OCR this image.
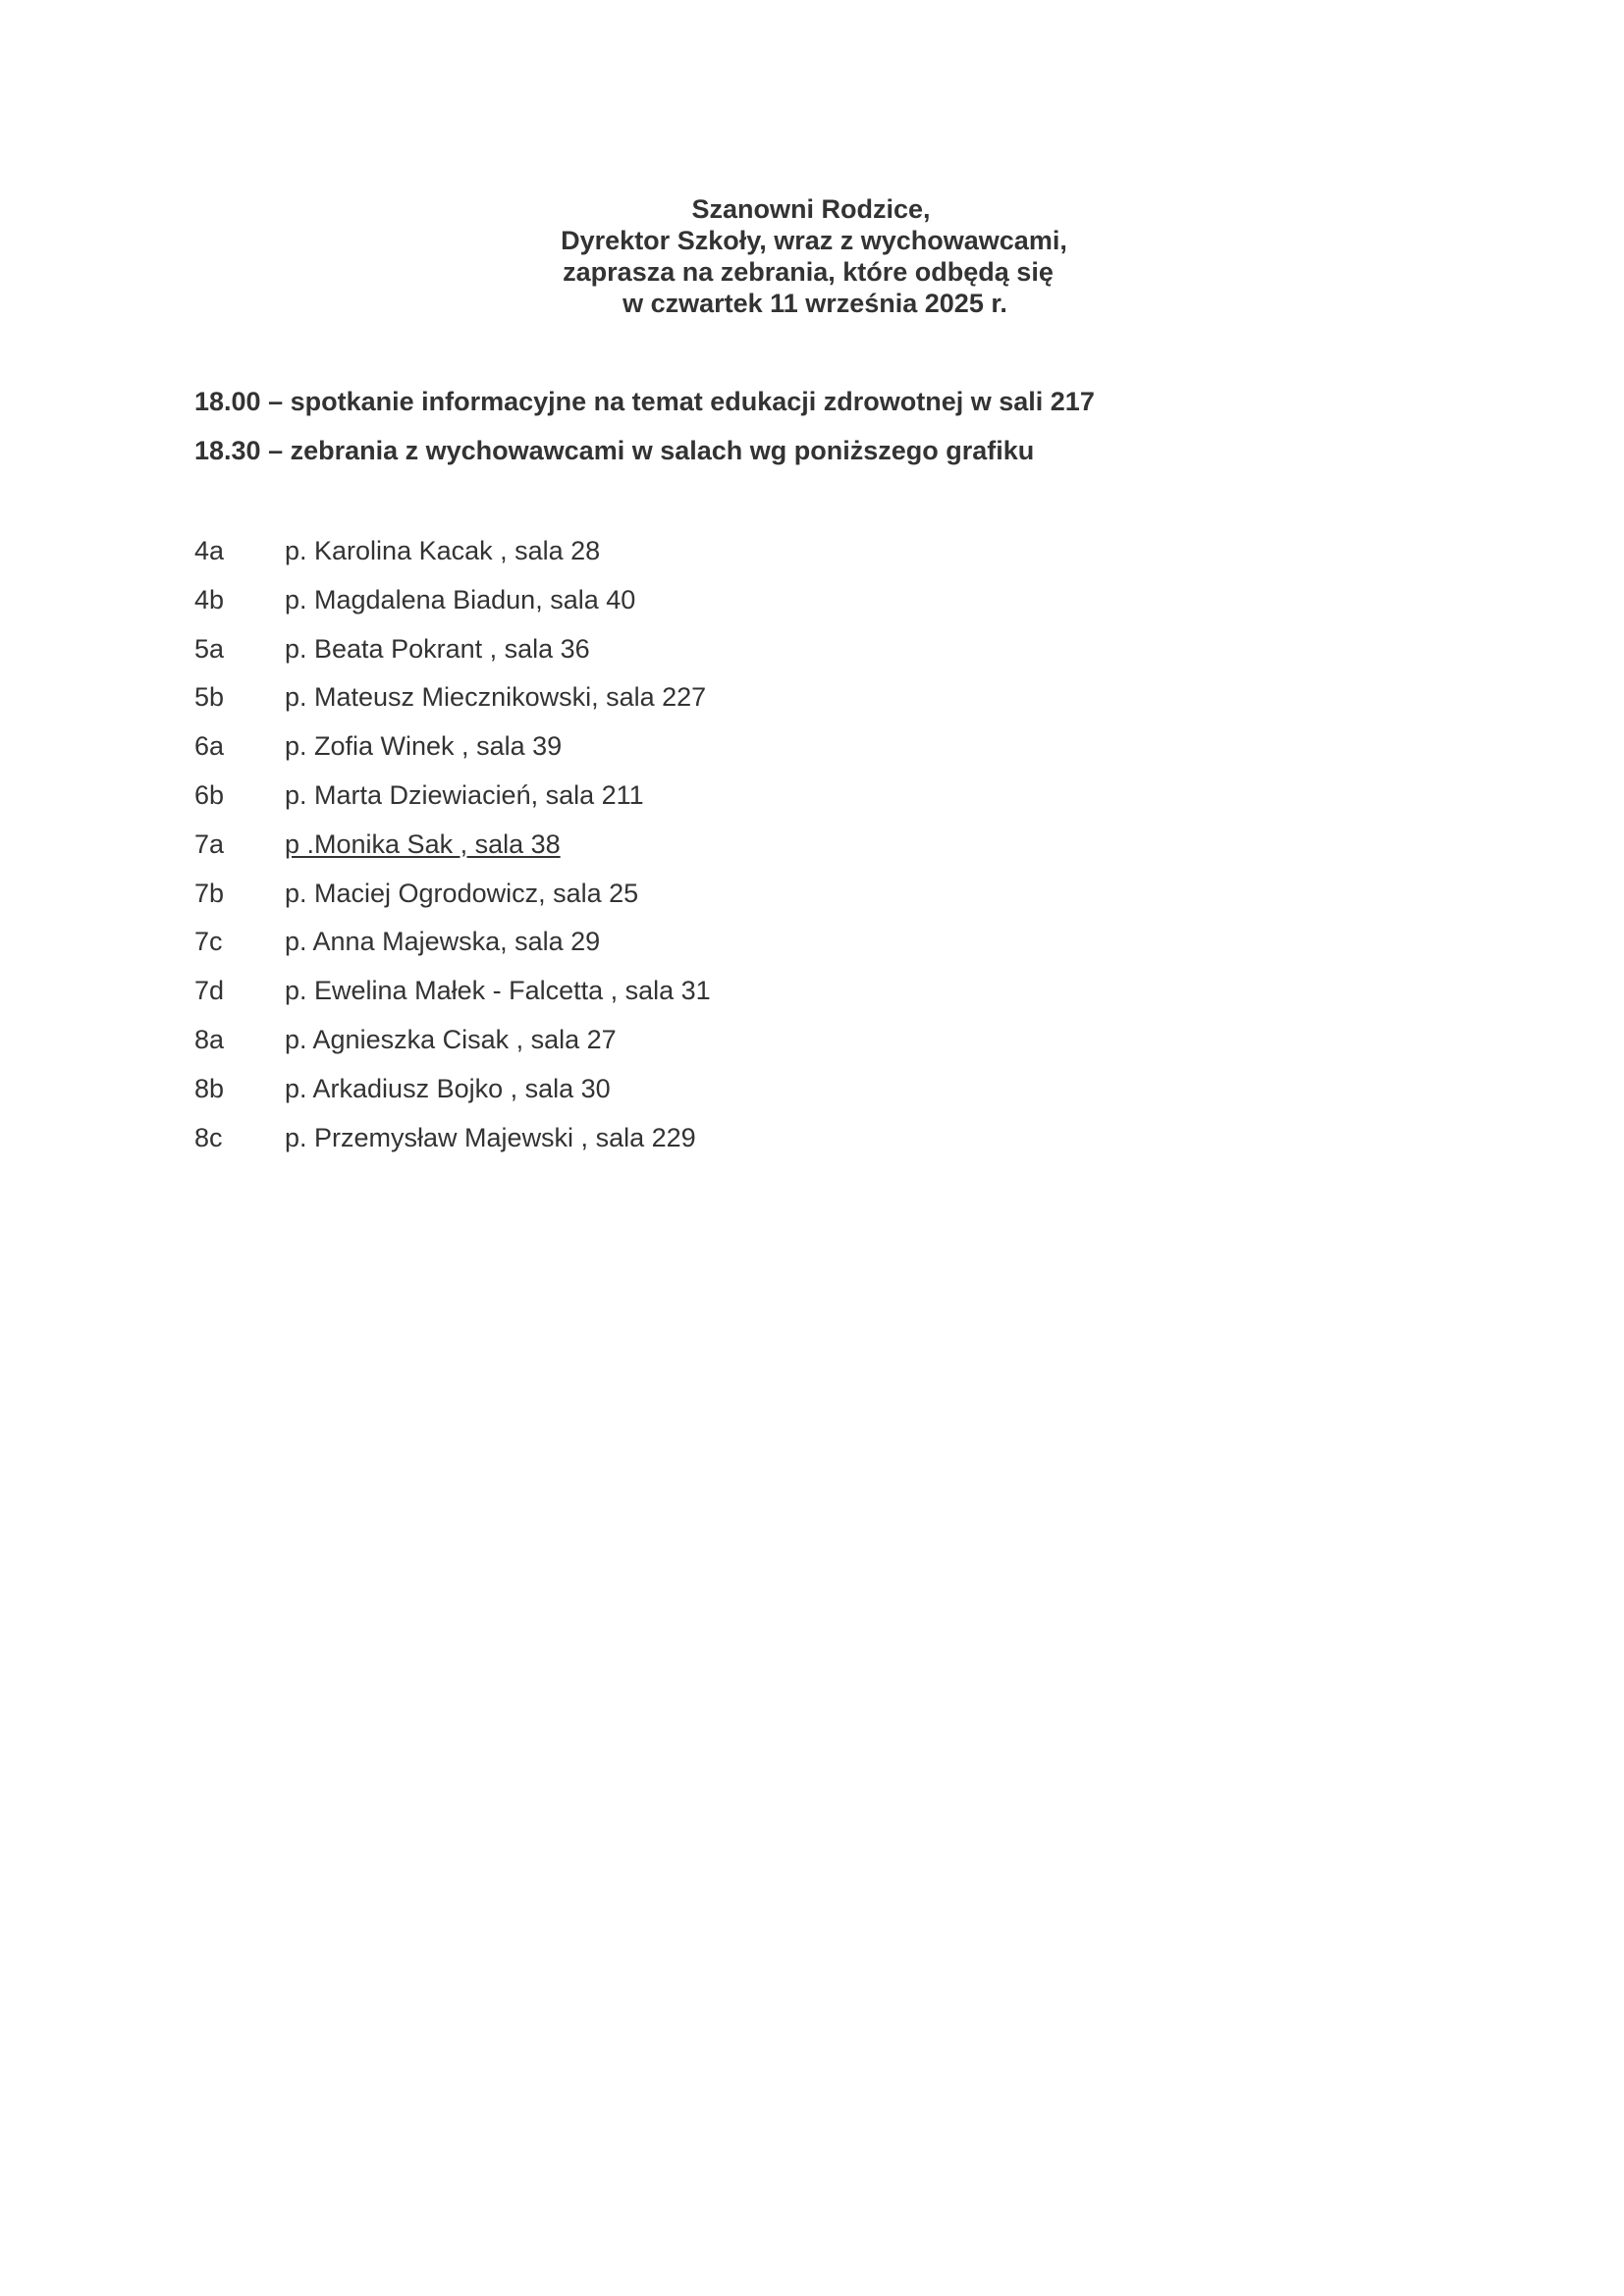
Szanowni Rodzice,
Dyrektor Szkoły, wraz z wychowawcami,
zaprasza na zebrania, które odbędą się
w czwartek 11 września 2025 r.
18.00 – spotkanie informacyjne na temat edukacji zdrowotnej w sali 217
18.30 – zebrania z wychowawcami w salach wg poniższego grafiku
4a	p. Karolina Kacak , sala 28
4b	p. Magdalena Biadun, sala 40
5a	p. Beata Pokrant , sala 36
5b	p. Mateusz Miecznikowski, sala 227
6a	p. Zofia Winek , sala 39
6b	p. Marta Dziewiacień, sala 211
7a	p .Monika Sak , sala 38
7b	p. Maciej Ogrodowicz, sala 25
7c	p. Anna Majewska, sala 29
7d	p. Ewelina Małek - Falcetta , sala 31
8a	p. Agnieszka Cisak , sala 27
8b	p. Arkadiusz Bojko , sala 30
8c	p. Przemysław Majewski , sala 229
